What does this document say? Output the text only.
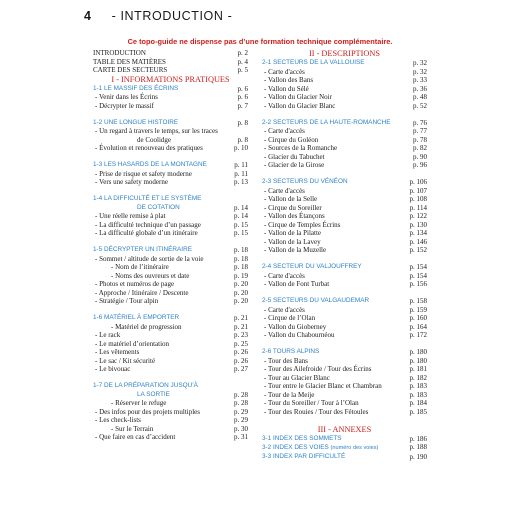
4 - INTRODUCTION -
Ce topo-guide ne dispense pas d’une formation technique complémentaire.
INTRODUCTION	p. 2
TABLE DES MATIÈRES	p. 4
CARTE DES SECTEURS	p. 5
I - INFORMATIONS PRATIQUES
1-1 LE MASSIF DES ÉCRINS	p. 6
- Venir dans les Écrins	p. 6
- Décrypter le massif	p. 7
1-2 UNE LONGUE HISTOIRE	p. 8
- Un regard à travers le temps, sur les traces
de Coolidge	p. 8
- Évolution et renouveau des pratiques	p. 10
1-3 LES HASARDS DE LA MONTAGNE	p. 11
- Prise de risque et safety moderne	p. 11
- Vers une safety moderne	p. 13
1-4 LA DIFFICULTÉ ET LE SYSTÈME
DE COTATION	p. 14
- Une réelle remise à plat	p. 14
- La difficulté technique d’un passage	p. 15
- La difficulté globale d’un itinéraire	p. 15
1-5 DÉCRYPTER UN ITINÉRAIRE	p. 18
- Sommet / altitude de sortie de la voie	p. 18
- Nom de l’itinéraire	p. 18
- Noms des ouvreurs et date	p. 19
- Photos et numéros de page	p. 20
- Approche / Itinéraire / Descente	p. 20
- Stratégie / Tour alpin	p. 20
1-6 MATÉRIEL À EMPORTER	p. 21
- Matériel de progression	p. 21
- Le rack	p. 23
- Le matériel d’orientation	p. 25
- Les vêtements	p. 26
- Le sac / Kit sécurité	p. 26
- Le bivouac	p. 27
1-7 DE LA PRÉPARATION JUSQU’À
LA SORTIE	p. 28
- Réserver le refuge	p. 28
- Des infos pour des projets multiples	p. 29
- Les check-lists	p. 29
- Sur le Terrain	p. 30
- Que faire en cas d’accident	p. 31
II - DESCRIPTIONS
2-1 SECTEURS DE LA VALLOUISE	p. 32
- Carte d'accès	p. 32
- Vallon des Bans	p. 33
- Vallon du Sélé	p. 36
- Vallon du Glacier Noir	p. 48
- Vallon du Glacier Blanc	p. 52
2-2 SECTEURS DE LA HAUTE-ROMANCHE	p. 76
- Carte d'accès	p. 77
- Cirque du Goléon	p. 78
- Sources de la Romanche	p. 82
- Glacier du Tabuchet	p. 90
- Glacier de la Girose	p. 96
2-3 SECTEURS DU VÉNÉON	p. 106
- Carte d'accès	p. 107
- Vallon de la Selle	p. 108
- Cirque du Soreiller	p. 114
- Vallon des Étançons	p. 122
- Cirque de Temples Écrins	p. 130
- Vallon de la Pilatte	p. 134
- Vallon de la Lavey	p. 146
- Vallon de la Muzelle	p. 152
2-4 SECTEUR DU VALJOUFFREY	p. 154
- Carte d'accès	p. 154
- Vallon de Font Turbat	p. 156
2-5 SECTEURS DU VALGAUDEMAR	p. 158
- Carte d'accès	p. 159
- Cirque de l’Olan	p. 160
- Vallon du Gioberney	p. 164
- Vallon du Chabournéou	p. 172
2-6 TOURS ALPINS	p. 180
- Tour des Bans	p. 180
- Tour des Ailefroide / Tour des Écrins	p. 181
- Tour au Glacier Blanc	p. 182
- Tour entre le Glacier Blanc et Chambran	p. 183
- Tour de la Meije	p. 183
- Tour du Soreiller / Tour à l’Olan	p. 184
- Tour des Rouies / Tour des Fétoules	p. 185
III - ANNEXES
3-1 INDEX DES SOMMETS	p. 186
3-2 INDEX DES VOIES (numéro des voies)	p. 188
3-3 INDEX PAR DIFFICULTÉ	p. 190
